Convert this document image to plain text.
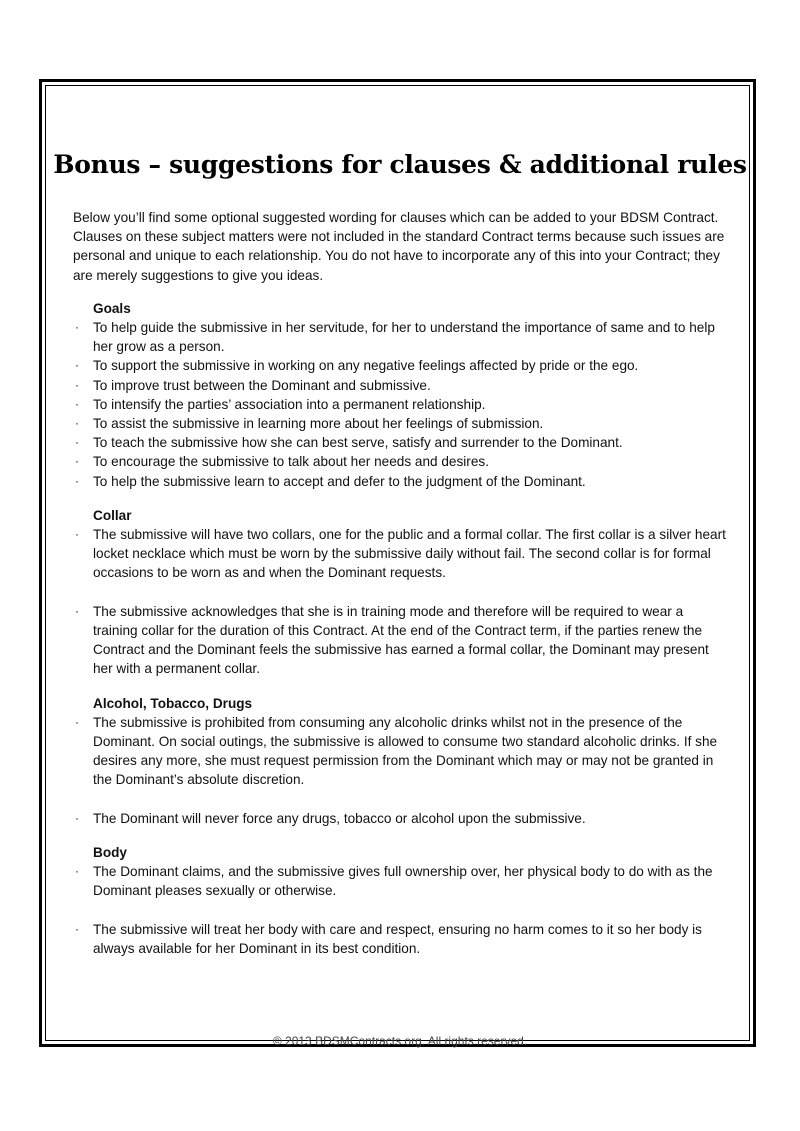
Bonus – suggestions for clauses & additional rules

Below you’ll find some optional suggested wording for clauses which can be added to your BDSM Contract. Clauses on these subject matters were not included in the standard Contract terms because such issues are personal and unique to each relationship. You do not have to incorporate any of this into your Contract; they are merely suggestions to give you ideas.

Goals
· To help guide the submissive in her servitude, for her to understand the importance of same and to help her grow as a person.
· To support the submissive in working on any negative feelings affected by pride or the ego.
· To improve trust between the Dominant and submissive.
· To intensify the parties’ association into a permanent relationship.
· To assist the submissive in learning more about her feelings of submission.
· To teach the submissive how she can best serve, satisfy and surrender to the Dominant.
· To encourage the submissive to talk about her needs and desires.
· To help the submissive learn to accept and defer to the judgment of the Dominant.
Collar
· The submissive will have two collars, one for the public and a formal collar. The first collar is a silver heart locket necklace which must be worn by the submissive daily without fail. The second collar is for formal occasions to be worn as and when the Dominant requests.
· The submissive acknowledges that she is in training mode and therefore will be required to wear a training collar for the duration of this Contract. At the end of the Contract term, if the parties renew the Contract and the Dominant feels the submissive has earned a formal collar, the Dominant may present her with a permanent collar.
Alcohol, Tobacco, Drugs
· The submissive is prohibited from consuming any alcoholic drinks whilst not in the presence of the Dominant. On social outings, the submissive is allowed to consume two standard alcoholic drinks. If she desires any more, she must request permission from the Dominant which may or may not be granted in the Dominant’s absolute discretion.
· The Dominant will never force any drugs, tobacco or alcohol upon the submissive.
Body
· The Dominant claims, and the submissive gives full ownership over, her physical body to do with as the Dominant pleases sexually or otherwise.
· The submissive will treat her body with care and respect, ensuring no harm comes to it so her body is always available for her Dominant in its best condition.
© 2013 BDSMContracts.org. All rights reserved.
